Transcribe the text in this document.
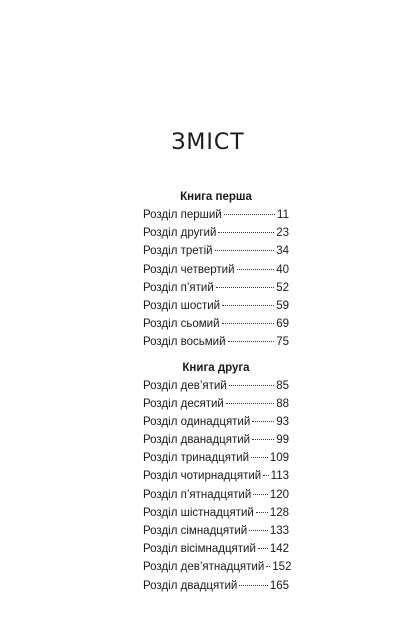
ЗМІСТ
Книга перша
Розділ перший	11
Розділ другий	23
Розділ третій	34
Розділ четвертий	40
Розділ п’ятий	52
Розділ шостий	59
Розділ сьомий	69
Розділ восьмий	75
Книга друга
Розділ дев’ятий	85
Розділ десятий	88
Розділ одинадцятий 93
Розділ дванадцятий 99
Розділ тринадцятий 109
Розділ чотирнадцятий 113
Розділ п’ятнадцятий 120
Розділ шістнадцятий 128
Розділ сімнадцятий 133
Розділ вісімнадцятий 142
Розділ дев’ятнадцятий 152
Розділ двадцятий	165
